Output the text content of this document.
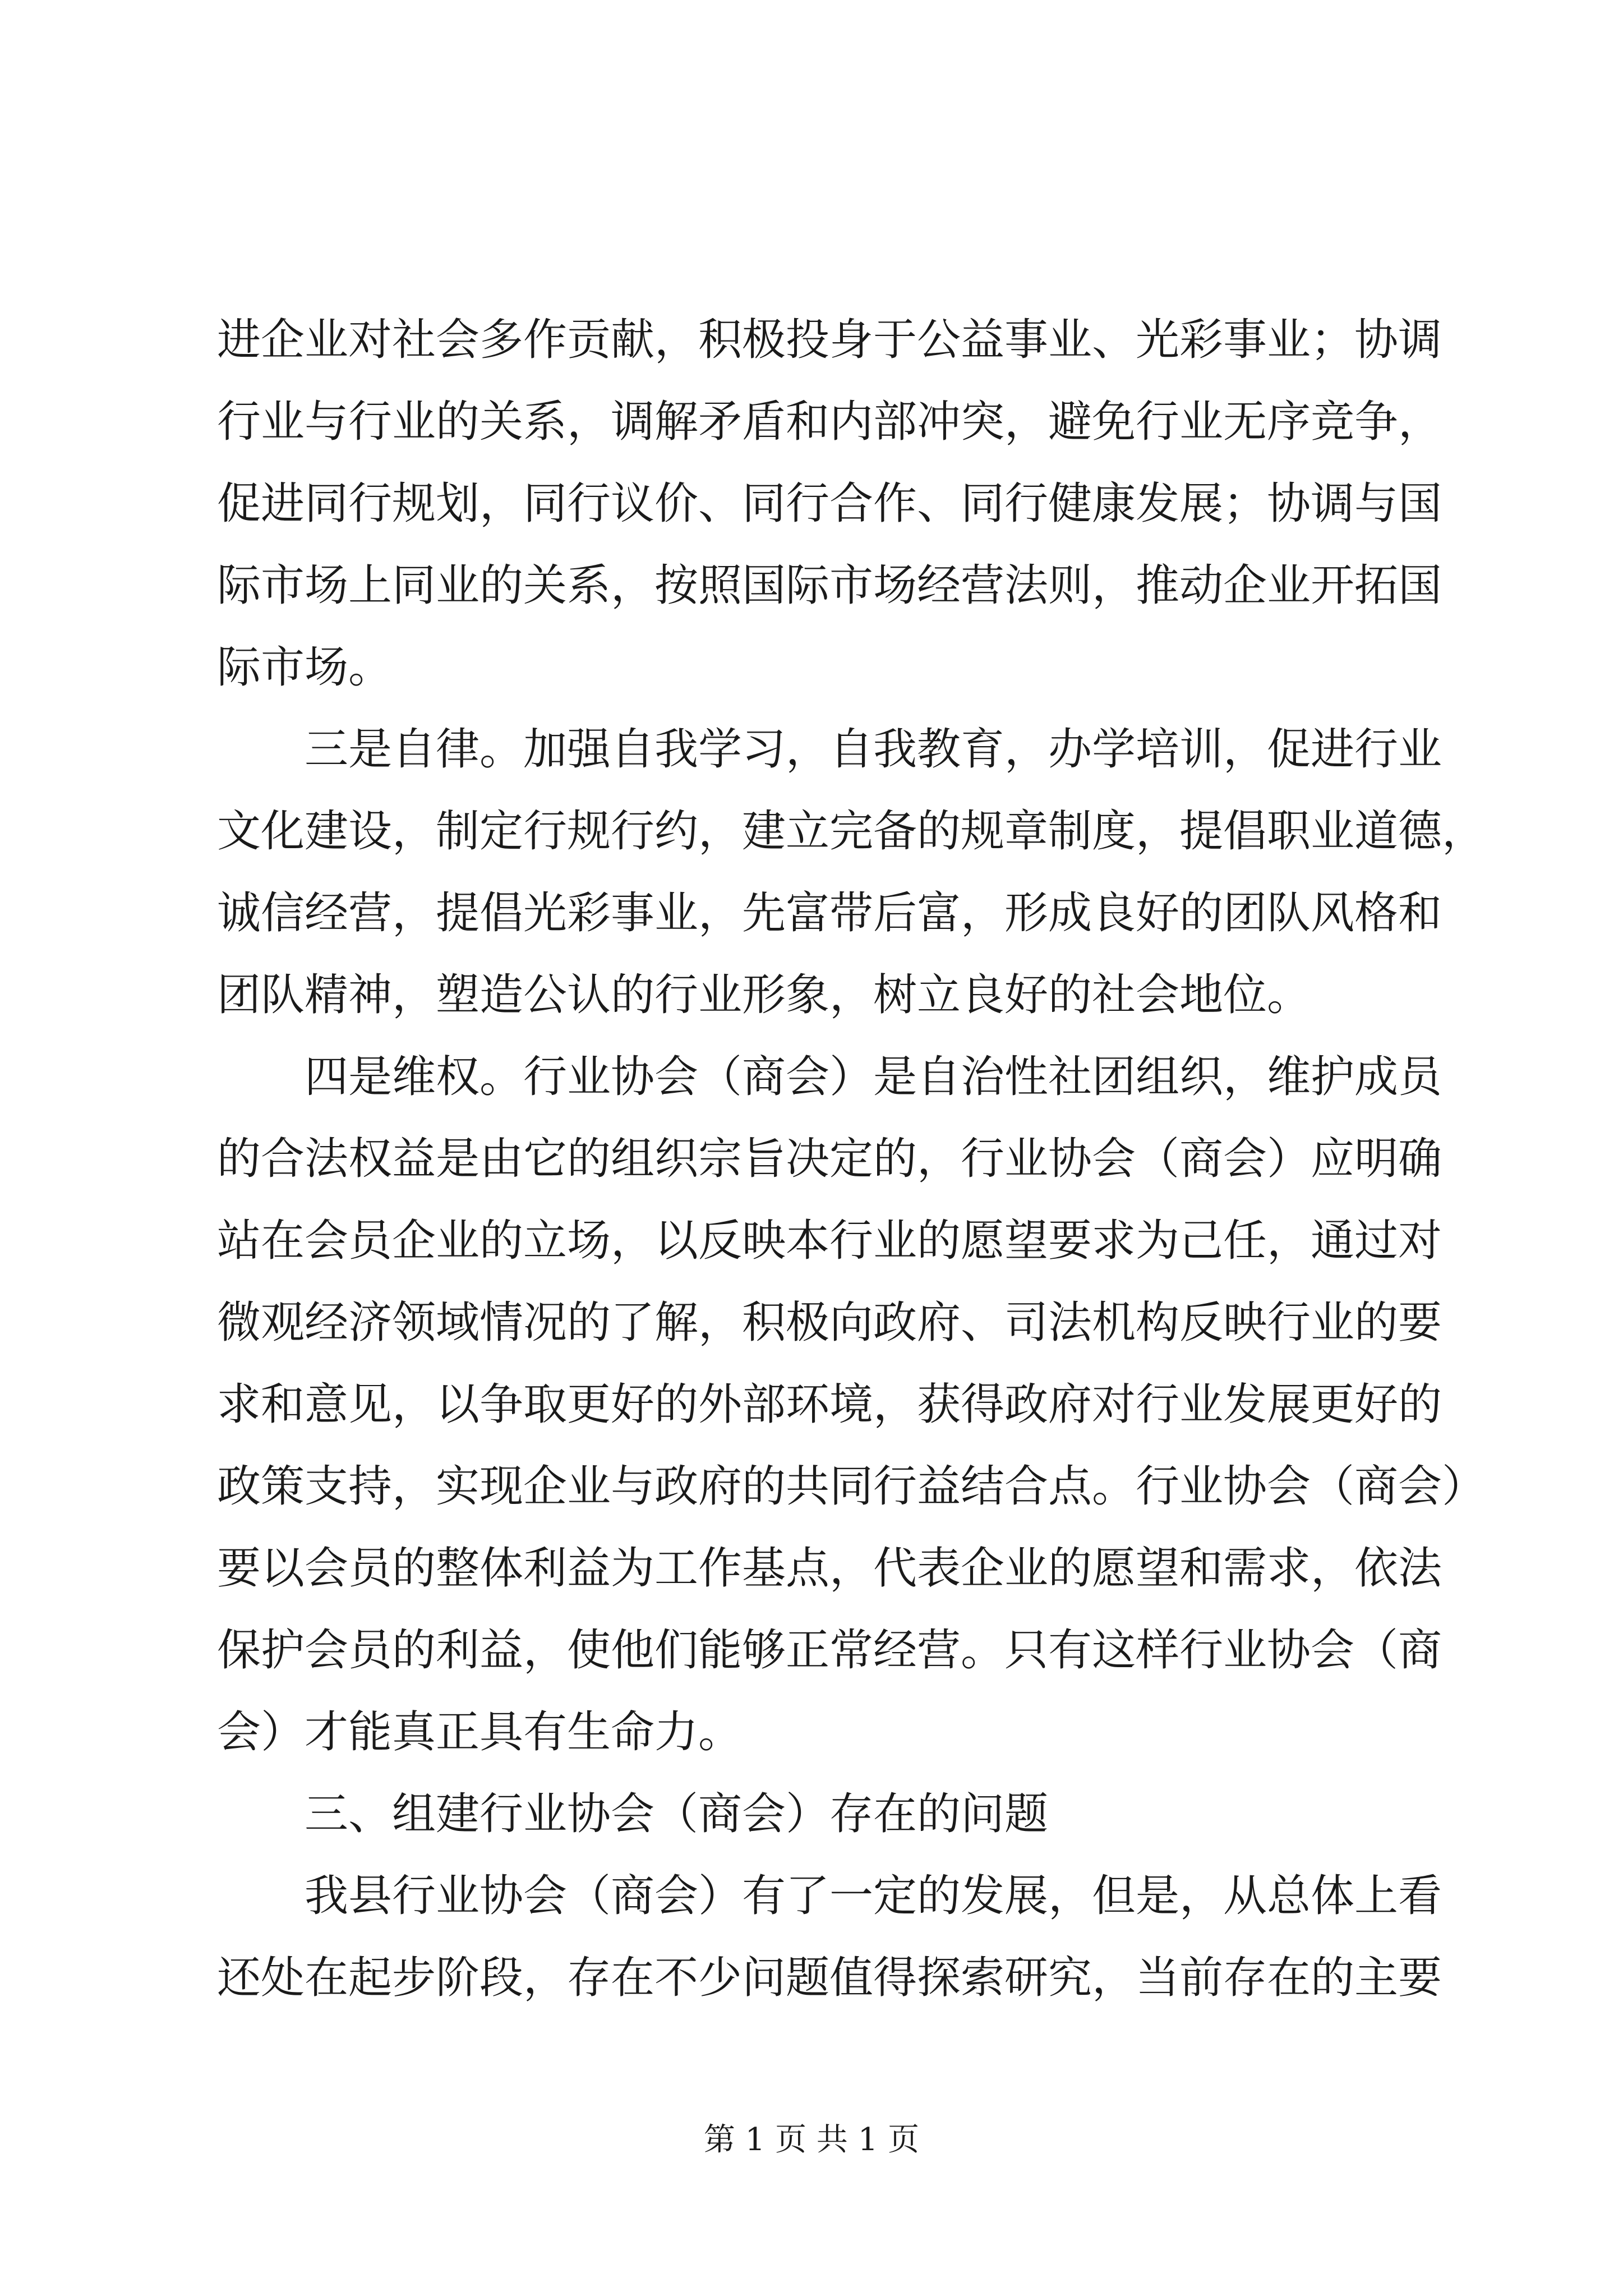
进企业对社会多作贡献，积极投身于公益事业、光彩事业；协调
行业与行业的关系，调解矛盾和内部冲突，避免行业无序竞争，
促进同行规划，同行议价、同行合作、同行健康发展；协调与国
际市场上同业的关系，按照国际市场经营法则，推动企业开拓国
际市场。
三是自律。加强自我学习，自我教育，办学培训，促进行业
文化建设，制定行规行约，建立完备的规章制度，提倡职业道德，
诚信经营，提倡光彩事业，先富带后富，形成良好的团队风格和
团队精神，塑造公认的行业形象，树立良好的社会地位。
四是维权。行业协会（商会）是自治性社团组织，维护成员
的合法权益是由它的组织宗旨决定的，行业协会（商会）应明确
站在会员企业的立场，以反映本行业的愿望要求为己任，通过对
微观经济领域情况的了解，积极向政府、司法机构反映行业的要
求和意见，以争取更好的外部环境，获得政府对行业发展更好的
政策支持，实现企业与政府的共同行益结合点。行业协会（商会）
要以会员的整体利益为工作基点，代表企业的愿望和需求，依法
保护会员的利益，使他们能够正常经营。只有这样行业协会（商
会）才能真正具有生命力。
三、组建行业协会（商会）存在的问题
我县行业协会（商会）有了一定的发展，但是，从总体上看
还处在起步阶段，存在不少问题值得探索研究，当前存在的主要
第 1 页 共 1 页
